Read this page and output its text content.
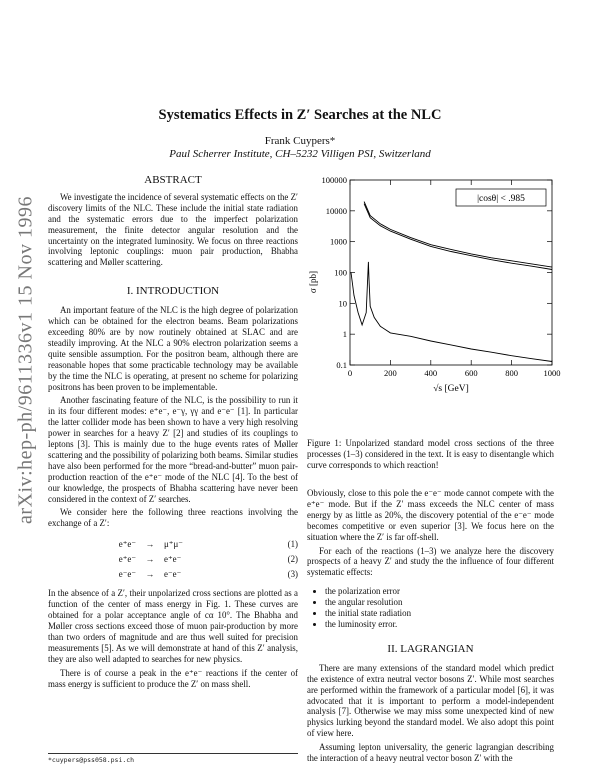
arXiv:hep-ph/9611336v1 15 Nov 1996
Systematics Effects in Z′ Searches at the NLC
Frank Cuypers*
Paul Scherrer Institute, CH–5232 Villigen PSI, Switzerland
ABSTRACT

We investigate the incidence of several systematic effects on the Z′ discovery limits of the NLC. These include the initial state radiation and the systematic errors due to the imperfect polarization measurement, the finite detector angular resolution and the uncertainty on the integrated luminosity. We focus on three reactions involving leptonic couplings: muon pair production, Bhabha scattering and Møller scattering.

I. INTRODUCTION

An important feature of the NLC is the high degree of polarization which can be obtained for the electron beams. Beam polarizations exceeding 80% are by now routinely obtained at SLAC and are steadily improving. At the NLC a 90% electron polarization seems a quite sensible assumption. For the positron beam, although there are reasonable hopes that some practicable technology may be available by the time the NLC is operating, at present no scheme for polarizing positrons has been proven to be implementable.

Another fascinating feature of the NLC, is the possibility to run it in its four different modes: e⁺e⁻, e⁻γ, γγ and e⁻e⁻ [1]. In particular the latter collider mode has been shown to have a very high resolving power in searches for a heavy Z′ [2] and studies of its couplings to leptons [3]. This is mainly due to the huge events rates of Møller scattering and the possibility of polarizing both beams. Similar studies have also been performed for the more “bread-and-butter” muon pair-production reaction of the e⁺e⁻ mode of the NLC [4]. To the best of our knowledge, the prospects of Bhabha scattering have never been considered in the context of Z′ searches.

We consider here the following three reactions involving the exchange of a Z′:

e⁺e⁻	→	μ⁺μ⁻	(1)
e⁺e⁻	→	e⁺e⁻	(2)
e⁻e⁻	→	e⁻e⁻	(3)

In the absence of a Z′, their unpolarized cross sections are plotted as a function of the center of mass energy in Fig. 1. These curves are obtained for a polar acceptance angle of cα 10°. The Bhabha and Møller cross sections exceed those of muon pair-production by more than two orders of magnitude and are thus well suited for precision measurements [5]. As we will demonstrate at hand of this Z′ analysis, they are also well adapted to searches for new physics.

There is of course a peak in the e⁺e⁻ reactions if the center of mass energy is sufficient to produce the Z′ on mass shell.

*cuypers@pss058.psi.ch
0.1
1
10
100
1000
10000
100000
0	200	400	600	800	1000
|cosθ| < .985
σ [pb]
√s [GeV]
Figure 1: Unpolarized standard model cross sections of the three processes (1–3) considered in the text. It is easy to disentangle which curve corresponds to which reaction!

Obviously, close to this pole the e⁻e⁻ mode cannot compete with the e⁺e⁻ mode. But if the Z′ mass exceeds the NLC center of mass energy by as little as 20%, the discovery potential of the e⁻e⁻ mode becomes competitive or even superior [3]. We focus here on the situation where the Z′ is far off-shell.

For each of the reactions (1–3) we analyze here the discovery prospects of a heavy Z′ and study the the influence of four different systematic effects:

• the polarization error
• the angular resolution
• the initial state radiation
• the luminosity error.
II. LAGRANGIAN

There are many extensions of the standard model which predict the existence of extra neutral vector bosons Z′. While most searches are performed within the framework of a particular model [6], it was advocated that it is important to perform a model-independent analysis [7]. Otherwise we may miss some unexpected kind of new physics lurking beyond the standard model. We also adopt this point of view here.

Assuming lepton universality, the generic lagrangian describing the interaction of a heavy neutral vector boson Z′ with the
